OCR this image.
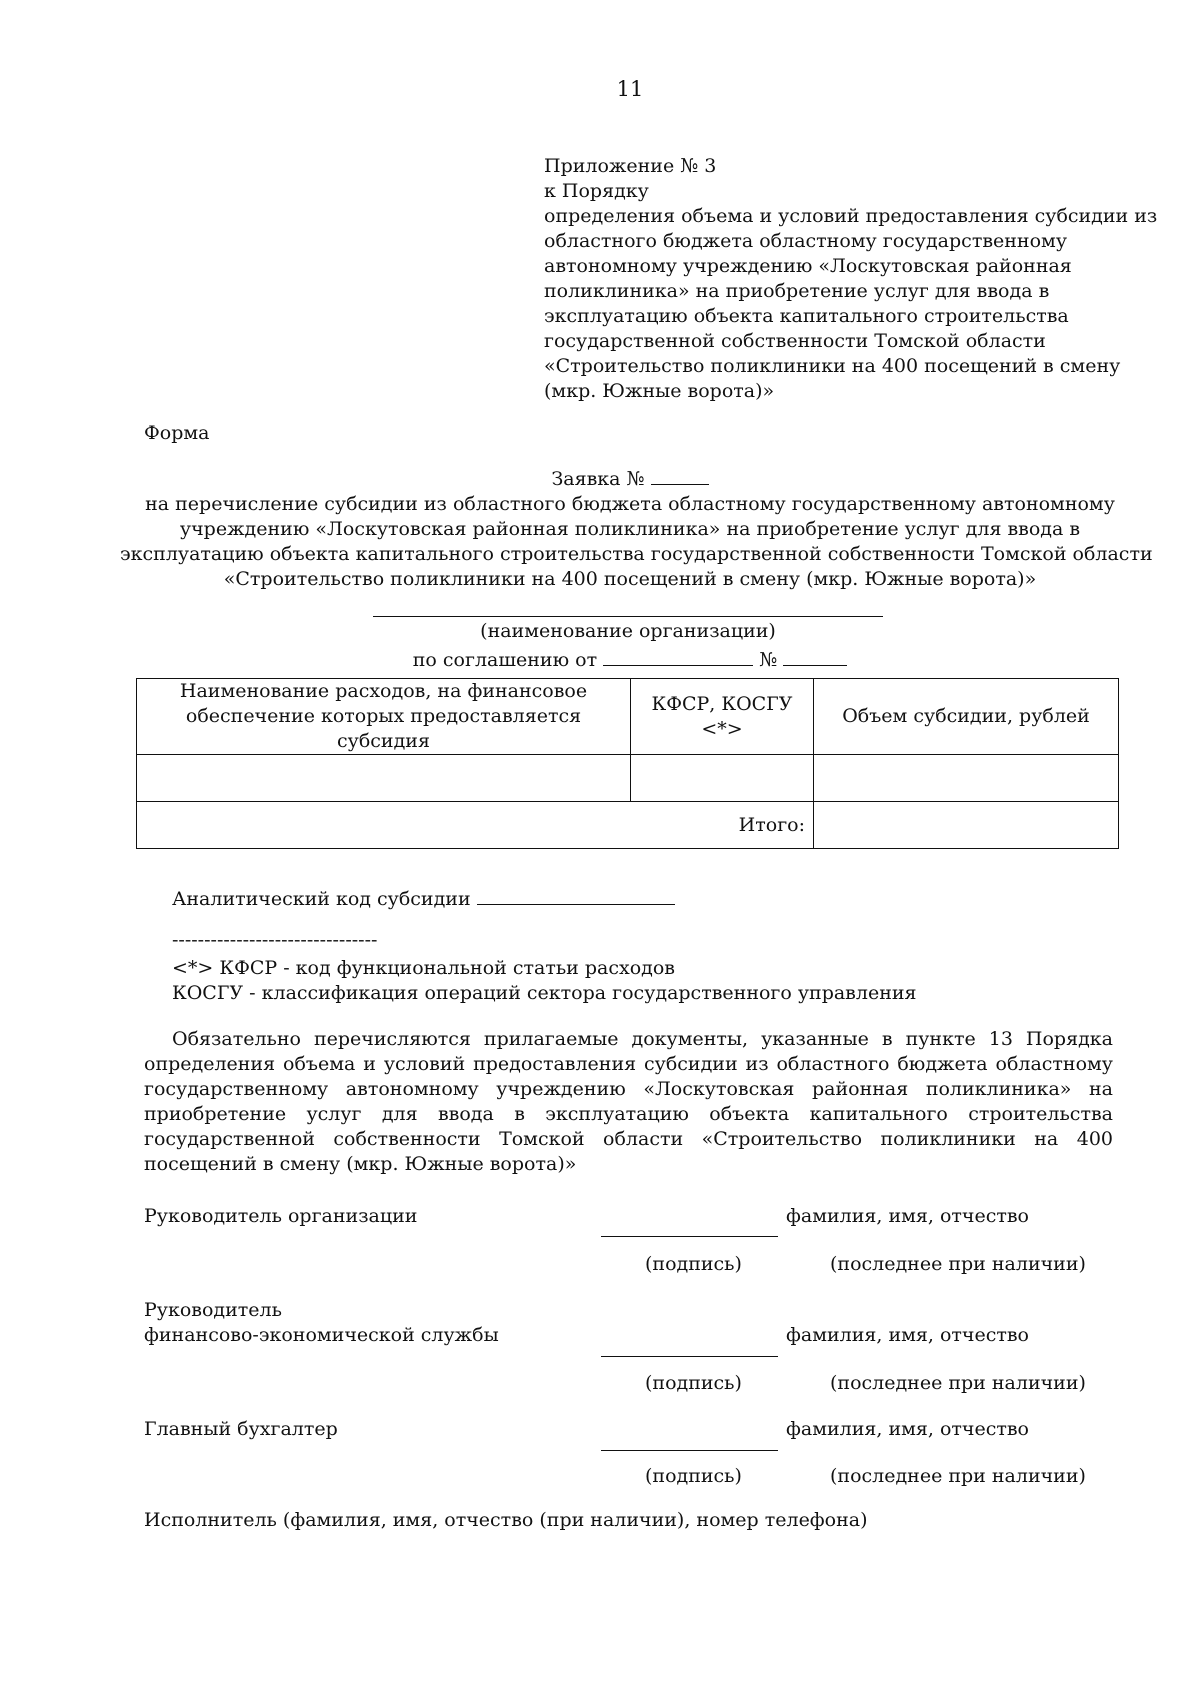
11
Приложение № 3
к Порядку
определения объема и условий предоставления субсидии из
областного бюджета областному государственному
автономному учреждению «Лоскутовская районная
поликлиника» на приобретение услуг для ввода в
эксплуатацию объекта капитального строительства
государственной собственности Томской области
«Строительство поликлиники на 400 посещений в смену
(мкр. Южные ворота)»
Форма
Заявка №
на перечисление субсидии из областного бюджета областному государственному автономному
учреждению «Лоскутовская районная поликлиника» на приобретение услуг для ввода в
эксплуатацию объекта капитального строительства государственной собственности Томской области
«Строительство поликлиники на 400 посещений в смену (мкр. Южные ворота)»
(наименование организации)
по соглашению от	№
Наименование расходов, на финансовое обеспечение которых предоставляется субсидия	КФСР, КОСГУ <*>	Объем субсидии, рублей

Итого:		
Аналитический код субсидии
--------------------------------
<*> КФСР - код функциональной статьи расходов
КОСГУ - классификация операций сектора государственного управления

Обязательно перечисляются прилагаемые документы, указанные в пункте 13 Порядка определения объема и условий предоставления субсидии из областного бюджета областному государственному автономному учреждению «Лоскутовская районная поликлиника» на приобретение услуг для ввода в эксплуатацию объекта капитального строительства государственной собственности Томской области «Строительство поликлиники на 400 посещений в смену (мкр. Южные ворота)»

Руководитель организации	фамилия, имя, отчество
(подпись)	(последнее при наличии)
Руководитель
финансово-экономической службы	фамилия, имя, отчество
(подпись)	(последнее при наличии)
Главный бухгалтер	фамилия, имя, отчество
(подпись)	(последнее при наличии)
Исполнитель (фамилия, имя, отчество (при наличии), номер телефона)
